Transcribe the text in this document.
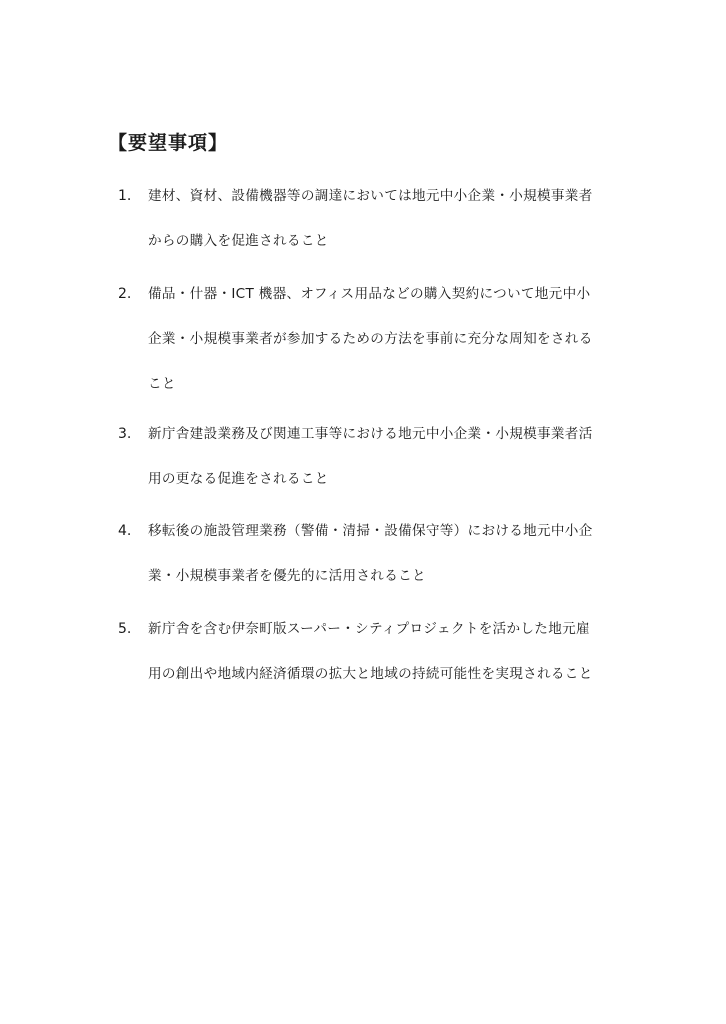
【要望事項】
1. 建材、資材、設備機器等の調達においては地元中小企業・小規模事業者
からの購入を促進されること
2. 備品・什器・ICT 機器、オフィス用品などの購入契約について地元中小
企業・小規模事業者が参加するための方法を事前に充分な周知をされる
こと
3. 新庁舎建設業務及び関連工事等における地元中小企業・小規模事業者活
用の更なる促進をされること
4. 移転後の施設管理業務（警備・清掃・設備保守等）における地元中小企
業・小規模事業者を優先的に活用されること
5. 新庁舎を含む伊奈町版スーパー・シティプロジェクトを活かした地元雇
用の創出や地域内経済循環の拡大と地域の持続可能性を実現されること
